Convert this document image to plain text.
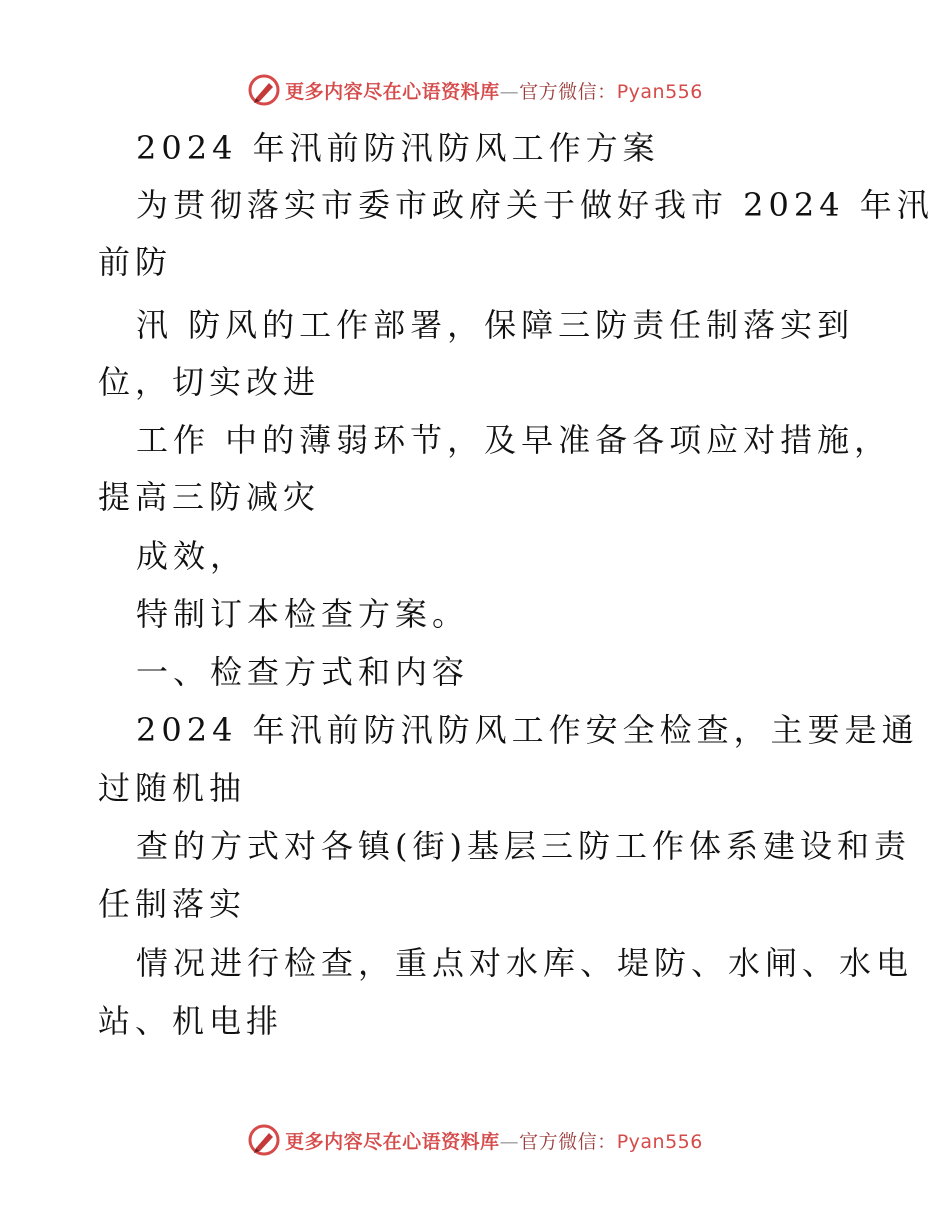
更多内容尽在心语资料库—官方微信：Pyan556
2024 年汛前防汛防风工作方案
为贯彻落实市委市政府关于做好我市 2024 年汛
前防
汛 防风的工作部署，保障三防责任制落实到
位，切实改进
工作 中的薄弱环节，及早准备各项应对措施，
提高三防减灾
成效，
特制订本检查方案。
一、检查方式和内容
2024 年汛前防汛防风工作安全检查，主要是通
过随机抽
查的方式对各镇(街)基层三防工作体系建设和责
任制落实
情况进行检查，重点对水库、堤防、水闸、水电
站、机电排
更多内容尽在心语资料库—官方微信：Pyan556
